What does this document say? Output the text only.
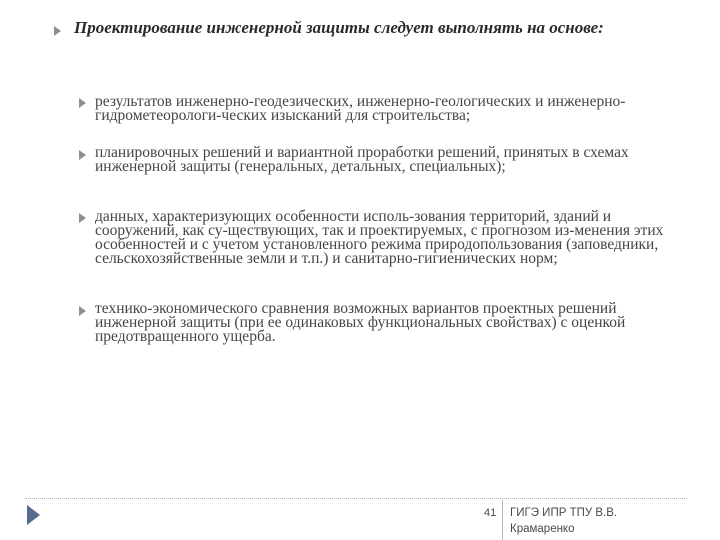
Проектирование инженерной защиты следует выполнять на основе:
результатов инженерно-геодезических, инженерно-геологических и инженерно-гидрометеорологи-ческих изысканий для строительства;
планировочных решений и вариантной проработки решений, принятых в схемах инженерной защиты (генеральных, детальных, специальных);
данных, характеризующих особенности исполь-зования территорий, зданий и сооружений, как су-ществующих, так и проектируемых, с прогнозом из-менения этих особенностей и с учетом установленного режима природопользования (заповедники, сельскохозяйственные земли и т.п.) и санитарно-гигиенических норм;
технико-экономического сравнения возможных вариантов проектных решений инженерной защиты (при ее одинаковых функциональных свойствах) с оценкой предотвращенного ущерба.
41 ГИГЭ ИПР ТПУ В.В. Крамаренко
